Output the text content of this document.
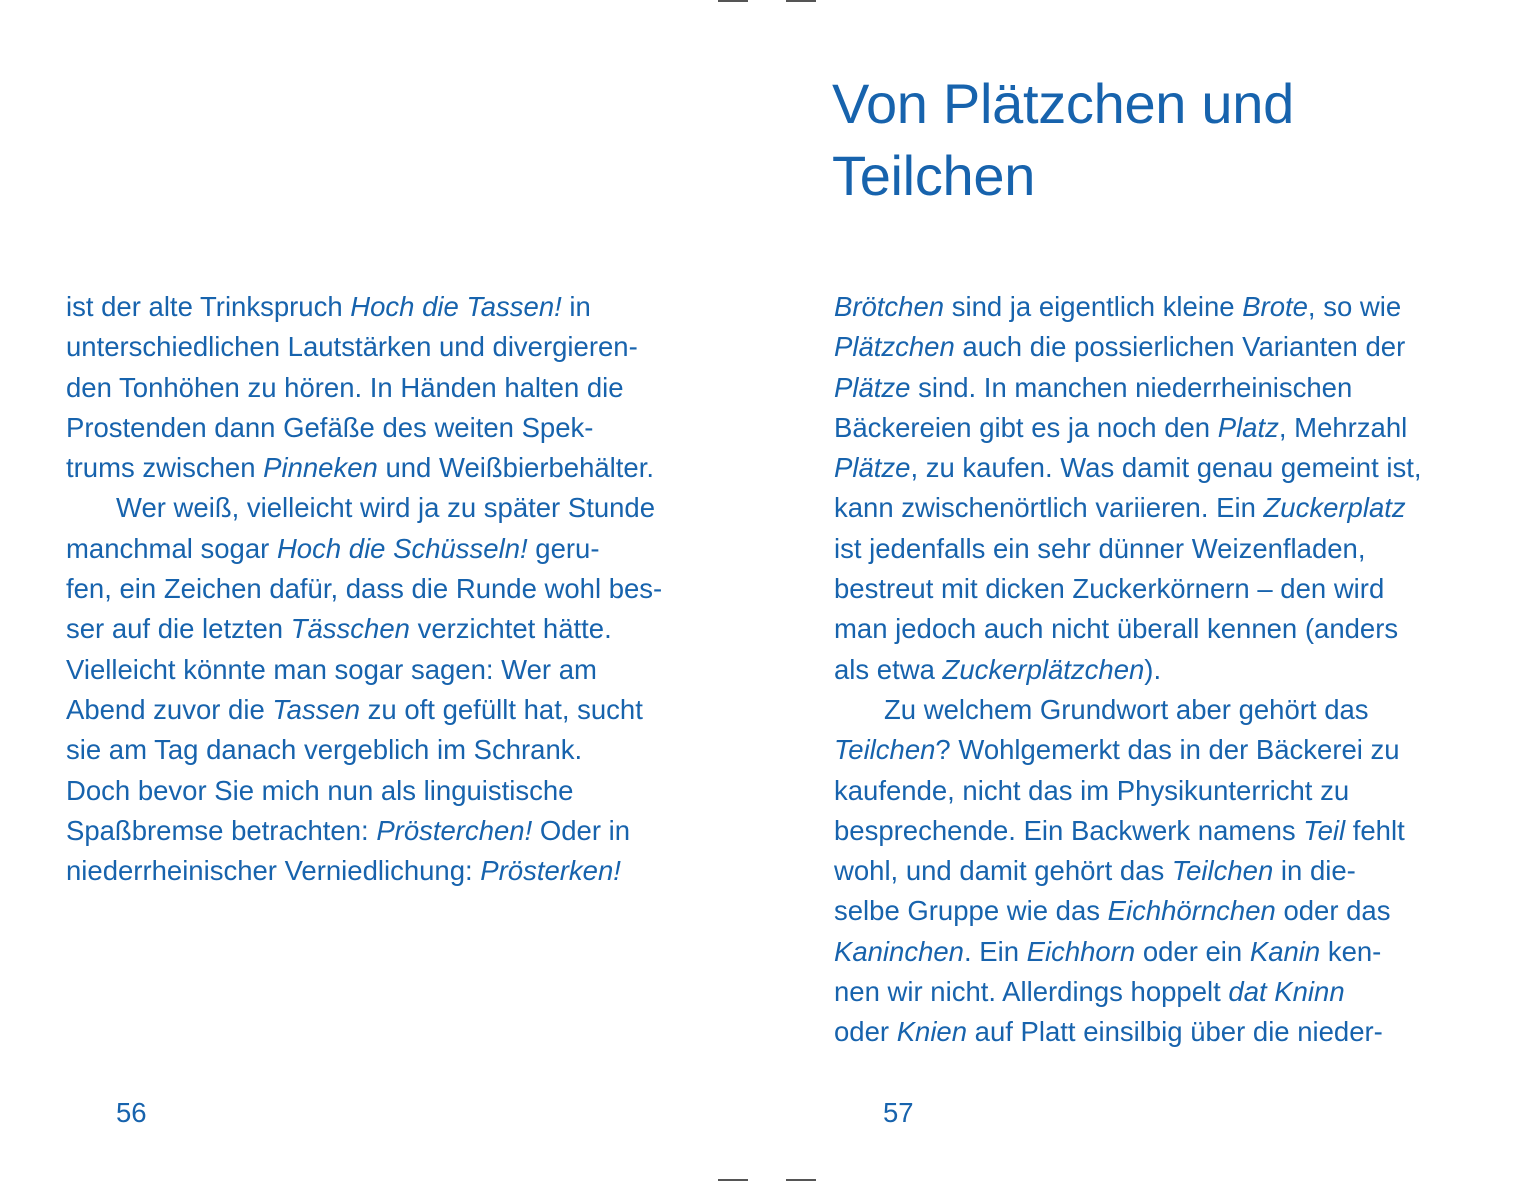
ist der alte Trinkspruch Hoch die Tassen! in
unterschiedlichen Lautstärken und divergieren-
den Tonhöhen zu hören. In Händen halten die
Prostenden dann Gefäße des weiten Spek-
trums zwischen Pinneken und Weißbierbehälter.
Wer weiß, vielleicht wird ja zu später Stunde
manchmal sogar Hoch die Schüsseln! geru-
fen, ein Zeichen dafür, dass die Runde wohl bes-
ser auf die letzten Tässchen verzichtet hätte.
Vielleicht könnte man sogar sagen: Wer am
Abend zuvor die Tassen zu oft gefüllt hat, sucht
sie am Tag danach vergeblich im Schrank.
Doch bevor Sie mich nun als linguistische
Spaßbremse betrachten: Prösterchen! Oder in
niederrheinischer Verniedlichung: Prösterken!
56
Von Plätzchen und
Teilchen
Brötchen sind ja eigentlich kleine Brote, so wie
Plätzchen auch die possierlichen Varianten der
Plätze sind. In manchen niederrheinischen
Bäckereien gibt es ja noch den Platz, Mehrzahl
Plätze, zu kaufen. Was damit genau gemeint ist,
kann zwischenörtlich variieren. Ein Zuckerplatz
ist jedenfalls ein sehr dünner Weizenfladen,
bestreut mit dicken Zuckerkörnern – den wird
man jedoch auch nicht überall kennen (anders
als etwa Zuckerplätzchen).
Zu welchem Grundwort aber gehört das
Teilchen? Wohlgemerkt das in der Bäckerei zu
kaufende, nicht das im Physikunterricht zu
besprechende. Ein Backwerk namens Teil fehlt
wohl, und damit gehört das Teilchen in die-
selbe Gruppe wie das Eichhörnchen oder das
Kaninchen. Ein Eichhorn oder ein Kanin ken-
nen wir nicht. Allerdings hoppelt dat Kninn
oder Knien auf Platt einsilbig über die nieder-
57
